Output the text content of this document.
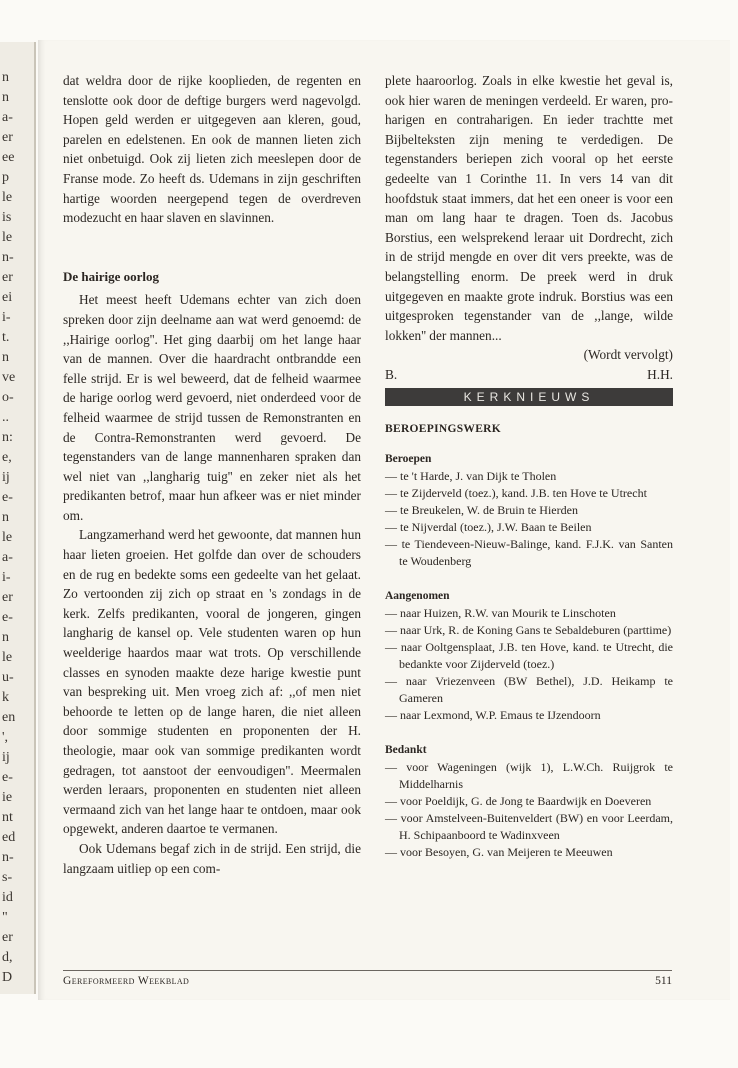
n
n
a-
er
ee
p
le
is
le
n-
er
ei
i-
t.
n
ve
o-
..
n:
e,
ij
e-
n
le
a-
i-
er
e-
n
le
u-
k
en
',
ij
e-
ie
nt
ed
n-
s-
id
"
er
d,
D

dat weldra door de rijke kooplieden, de regenten en tenslotte ook door de deftige burgers werd nagevolgd. Hopen geld werden er uitgegeven aan kleren, goud, parelen en edelstenen. En ook de mannen lieten zich niet onbetuigd. Ook zij lieten zich meeslepen door de Franse mode. Zo heeft ds. Udemans in zijn geschriften hartige woorden neergepend tegen de overdreven modezucht en haar slaven en slavinnen.

De hairige oorlog

Het meest heeft Udemans echter van zich doen spreken door zijn deelname aan wat werd genoemd: de ,,Hairige oorlog''. Het ging daarbij om het lange haar van de mannen. Over die haardracht ontbrandde een felle strijd. Er is wel beweerd, dat de felheid waarmee de harige oorlog werd gevoerd, niet onderdeed voor de felheid waarmee de strijd tussen de Remonstranten en de Contra-Remonstranten werd gevoerd. De tegenstanders van de lange mannenharen spraken dan wel niet van ,,langharig tuig'' en zeker niet als het predikanten betrof, maar hun afkeer was er niet minder om.

Langzamerhand werd het gewoonte, dat mannen hun haar lieten groeien. Het golfde dan over de schouders en de rug en bedekte soms een gedeelte van het gelaat. Zo vertoonden zij zich op straat en 's zondags in de kerk. Zelfs predikanten, vooral de jongeren, gingen langharig de kansel op. Vele studenten waren op hun weelderige haardos maar wat trots. Op verschillende classes en synoden maakte deze harige kwestie punt van bespreking uit. Men vroeg zich af: ,,of men niet behoorde te letten op de lange haren, die niet alleen door sommige studenten en proponenten der H. theologie, maar ook van sommige predikanten wordt gedragen, tot aanstoot der eenvoudigen''. Meermalen werden leraars, proponenten en studenten niet alleen vermaand zich van het lange haar te ontdoen, maar ook opgewekt, anderen daartoe te vermanen.

Ook Udemans begaf zich in de strijd. Een strijd, die langzaam uitliep op een com-

plete haaroorlog. Zoals in elke kwestie het geval is, ook hier waren de meningen verdeeld. Er waren, pro-harigen en contraharigen. En ieder trachtte met Bijbelteksten zijn mening te verdedigen. De tegenstanders beriepen zich vooral op het eerste gedeelte van 1 Corinthe 11. In vers 14 van dit hoofdstuk staat immers, dat het een oneer is voor een man om lang haar te dragen. Toen ds. Jacobus Borstius, een welsprekend leraar uit Dordrecht, zich in de strijd mengde en over dit vers preekte, was de belangstelling enorm. De preek werd in druk uitgegeven en maakte grote indruk. Borstius was een uitgesproken tegenstander van de ,,lange, wilde lokken'' der mannen...

(Wordt vervolgt)
B.	H.H.
KERKNIEUWS
BEROEPINGSWERK
Beroepen
— te 't Harde, J. van Dijk te Tholen
— te Zijderveld (toez.), kand. J.B. ten Hove te Utrecht
— te Breukelen, W. de Bruin te Hierden
— te Nijverdal (toez.), J.W. Baan te Beilen
— te Tiendeveen-Nieuw-Balinge, kand. F.J.K. van Santen te Woudenberg
Aangenomen
— naar Huizen, R.W. van Mourik te Linschoten
— naar Urk, R. de Koning Gans te Sebaldeburen (parttime)
— naar Ooltgensplaat, J.B. ten Hove, kand. te Utrecht, die bedankte voor Zijderveld (toez.)
— naar Vriezenveen (BW Bethel), J.D. Heikamp te Gameren
— naar Lexmond, W.P. Emaus te IJzendoorn
Bedankt
— voor Wageningen (wijk 1), L.W.Ch. Ruijgrok te Middelharnis
— voor Poeldijk, G. de Jong te Baardwijk en Doeveren
— voor Amstelveen-Buitenveldert (BW) en voor Leerdam, H. Schipaanboord te Wadinxveen
— voor Besoyen, G. van Meijeren te Meeuwen
Gereformeerd Weekblad	511
